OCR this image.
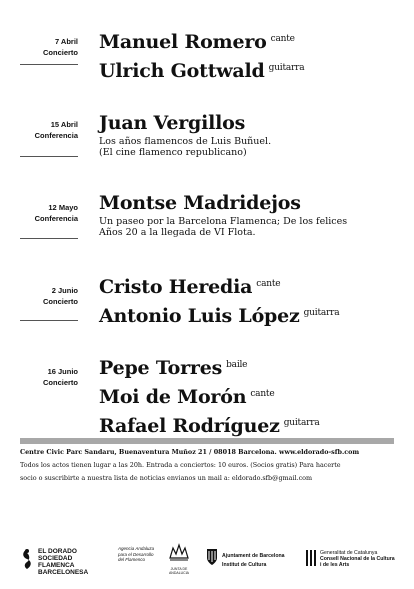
7 Abril
Concierto Manuel Romero $^{cante}$
Ulrich Gottwald $^{guitarra}$
15 Abril
Conferencia
Juan Vergillos
Los años flamencos de Luis Buñuel.
(El cine flamenco republicano)
12 Mayo
Conferencia
Montse Madridejos
Un paseo por la Barcelona Flamenca; De los felices
Años 20 a la llegada de VI Flota.
2 Junio
Concierto
Cristo Heredia $^{cante}$
Antonio Luis López $^{guitarra}$
16 Junio
Concierto
Pepe Torres $^{baile}$
Moi de Morón $^{cante}$
Rafael Rodríguez $^{guitarra}$
Centre Civic Parc Sandaru, Buenaventura Muñoz 21 / 08018 Barcelona. www.eldorado-sfb.com
Todos los actos tienen lugar a las 20h. Entrada a conciertos: 10 euros. (Socios gratis) Para hacerte
socio o suscribirte a nuestra lista de noticias envianos un mail a: eldorado.sfb@gmail.com
EL DORADO
SOCIEDAD FLAMENCA
BARCELONESA
Agencia Andaluza
para el Desarrollo
del Flamenco
JUNTA DE ANDALUCIA
Ajuntament de Barcelona
Institut de Cultura
Generalitat de Catalunya
Consell Nacional de la Cultura
i de les Arts
